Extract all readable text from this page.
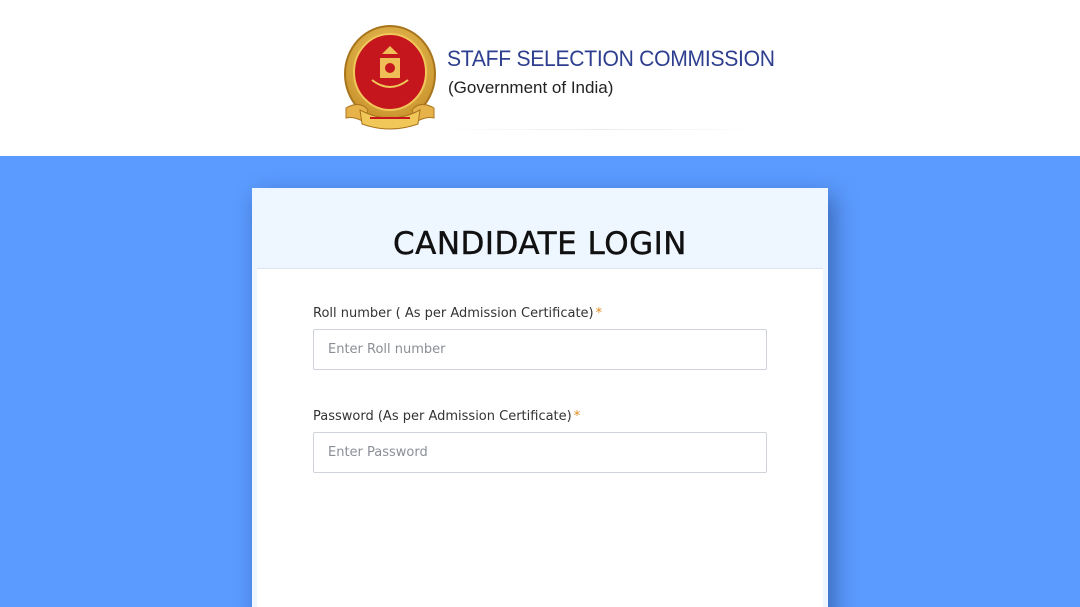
STAFF SELECTION COMMISSION
(Government of India)
CANDIDATE LOGIN
Roll number ( As per Admission Certificate) *
Enter Roll number
Password (As per Admission Certificate) *
